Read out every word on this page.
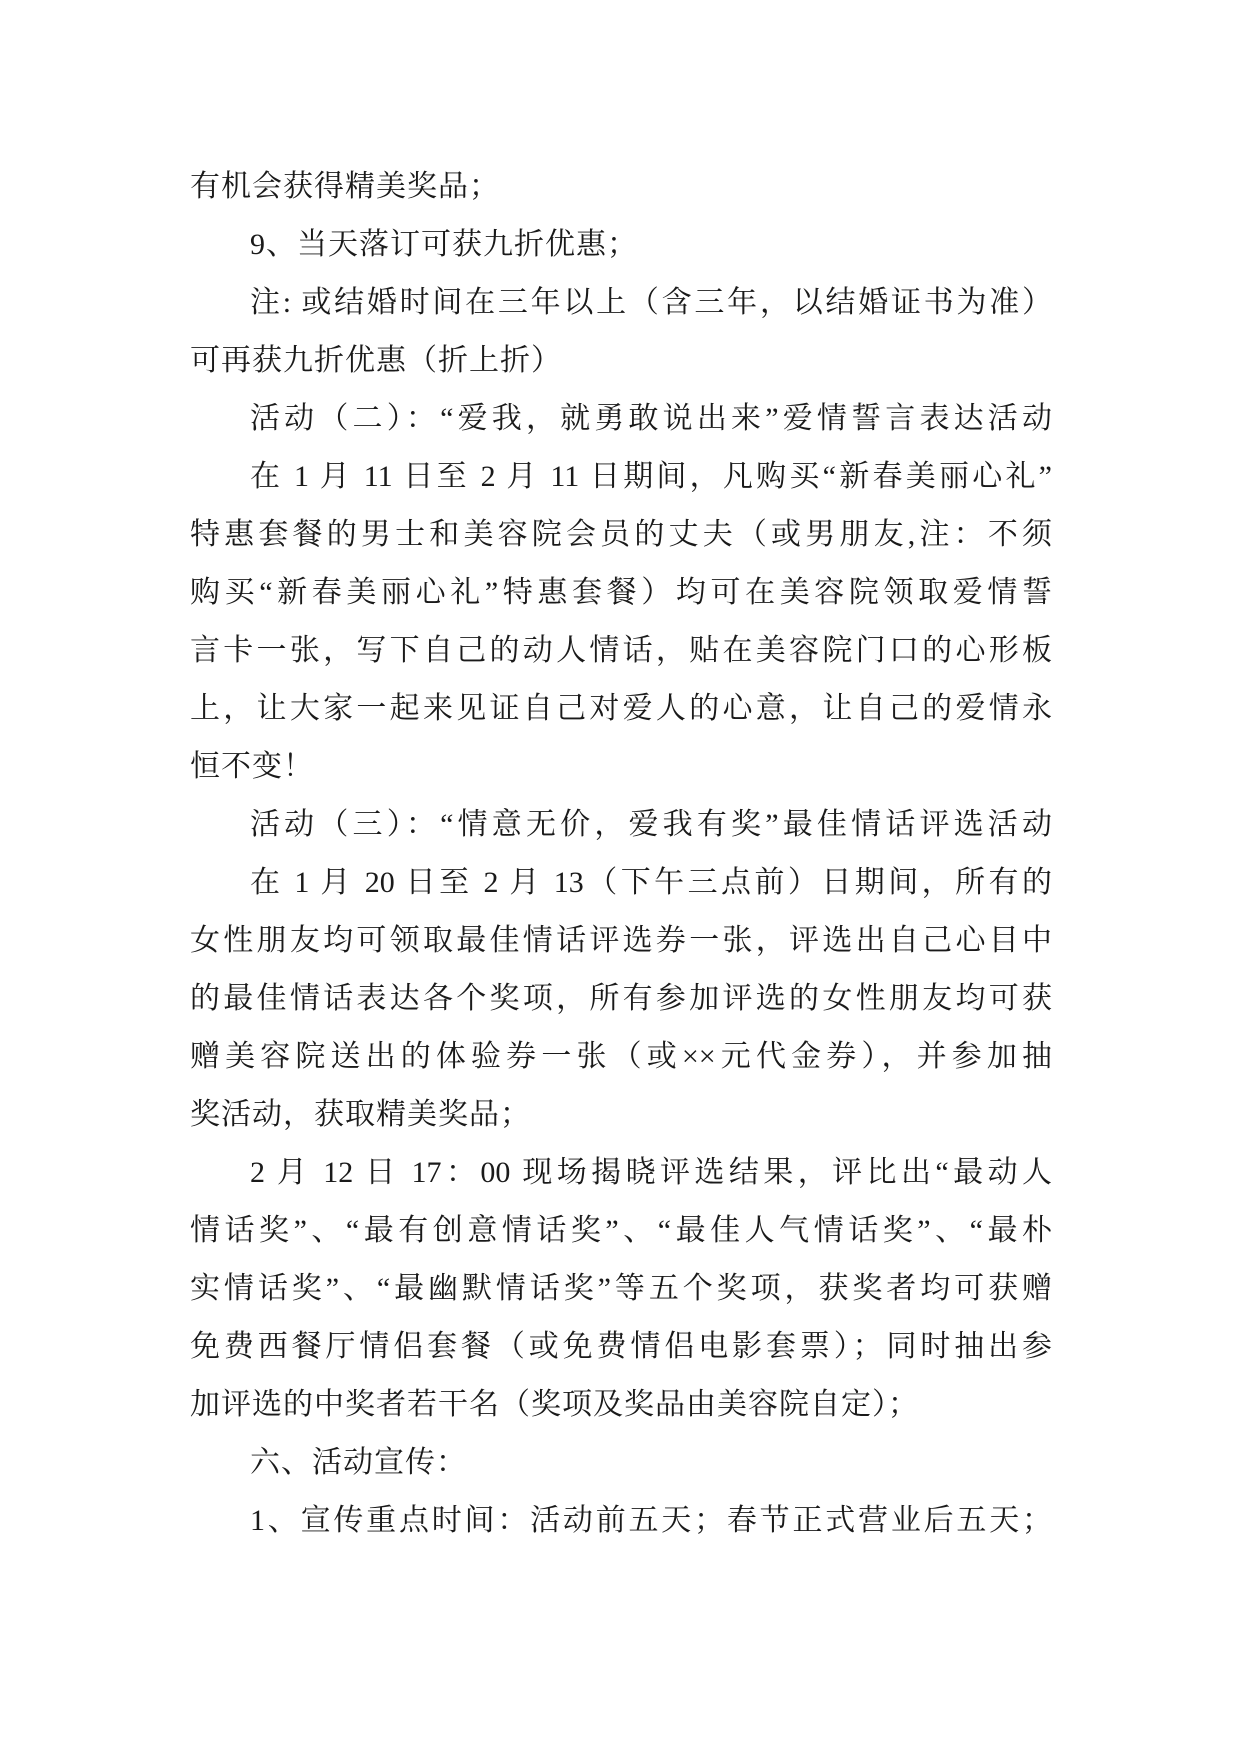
有机会获得精美奖品；
9、当天落订可获九折优惠；
注: 或结婚时间在三年以上（含三年，以结婚证书为准）
可再获九折优惠（折上折）
活动（二）：“爱我，就勇敢说出来”爱情誓言表达活动
在 1 月 11 日至 2 月 11 日期间，凡购买“新春美丽心礼”
特惠套餐的男士和美容院会员的丈夫（或男朋友,注：不须
购买“新春美丽心礼”特惠套餐）均可在美容院领取爱情誓
言卡一张，写下自己的动人情话，贴在美容院门口的心形板
上，让大家一起来见证自己对爱人的心意，让自己的爱情永
恒不变！
活动（三）：“情意无价，爱我有奖”最佳情话评选活动
在 1 月 20 日至 2 月 13（下午三点前）日期间，所有的
女性朋友均可领取最佳情话评选券一张，评选出自己心目中
的最佳情话表达各个奖项，所有参加评选的女性朋友均可获
赠美容院送出的体验券一张（或××元代金券），并参加抽
奖活动，获取精美奖品；
2 月 12 日 17：00 现场揭晓评选结果，评比出“最动人
情话奖”、“最有创意情话奖”、“最佳人气情话奖”、“最朴
实情话奖”、“最幽默情话奖”等五个奖项，获奖者均可获赠
免费西餐厅情侣套餐（或免费情侣电影套票）；同时抽出参
加评选的中奖者若干名（奖项及奖品由美容院自定）；
六、活动宣传：
1、宣传重点时间：活动前五天；春节正式营业后五天；
